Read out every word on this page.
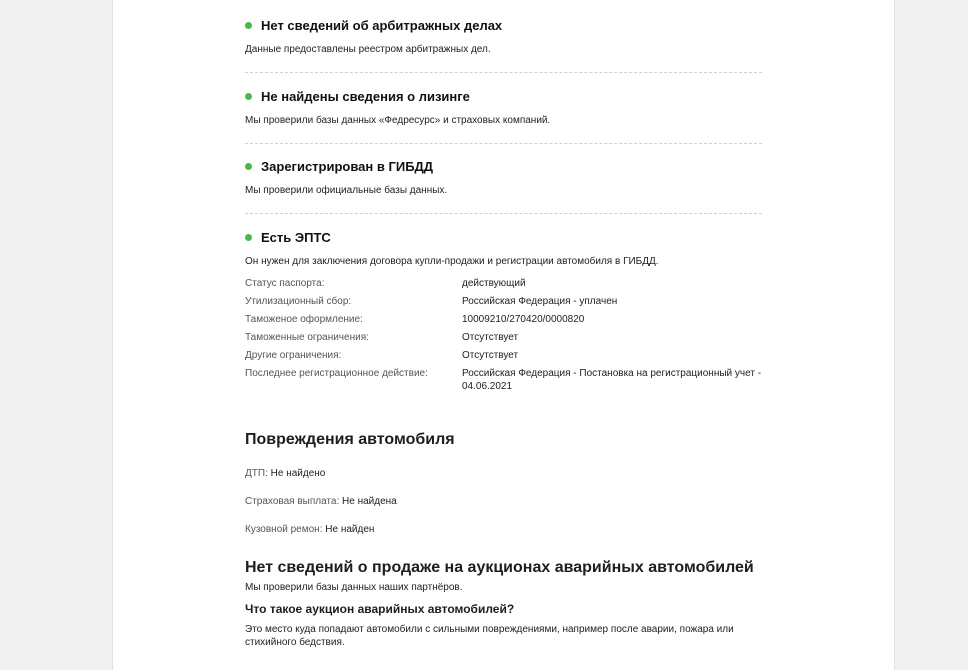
Нет сведений об арбитражных делах
Данные предоставлены реестром арбитражных дел.
Не найдены сведения о лизинге
Мы проверили базы данных «Федресурс» и страховых компаний.
Зарегистрирован в ГИБДД
Мы проверили официальные базы данных.
Есть ЭПТС
Он нужен для заключения договора купли-продажи и регистрации автомобиля в ГИБДД.
Статус паспорта:	действующий
Утилизационный сбор:	Российская Федерация - уплачен
Таможеное оформление:	10009210/270420/0000820
Таможенные ограничения:	Отсутствует
Другие ограничения:	Отсутствует
Последнее регистрационное действие:	Российская Федерация - Постановка на регистрационный учет - 04.06.2021
Повреждения автомобиля
ДТП: Не найдено
Страховая выплата: Не найдена
Кузовной ремон: Не найден
Нет сведений о продаже на аукционах аварийных автомобилей
Мы проверили базы данных наших партнёров.
Что такое аукцион аварийных автомобилей?
Это место куда попадают автомобили с сильными повреждениями, например после аварии, пожара или стихийного бедствия.
